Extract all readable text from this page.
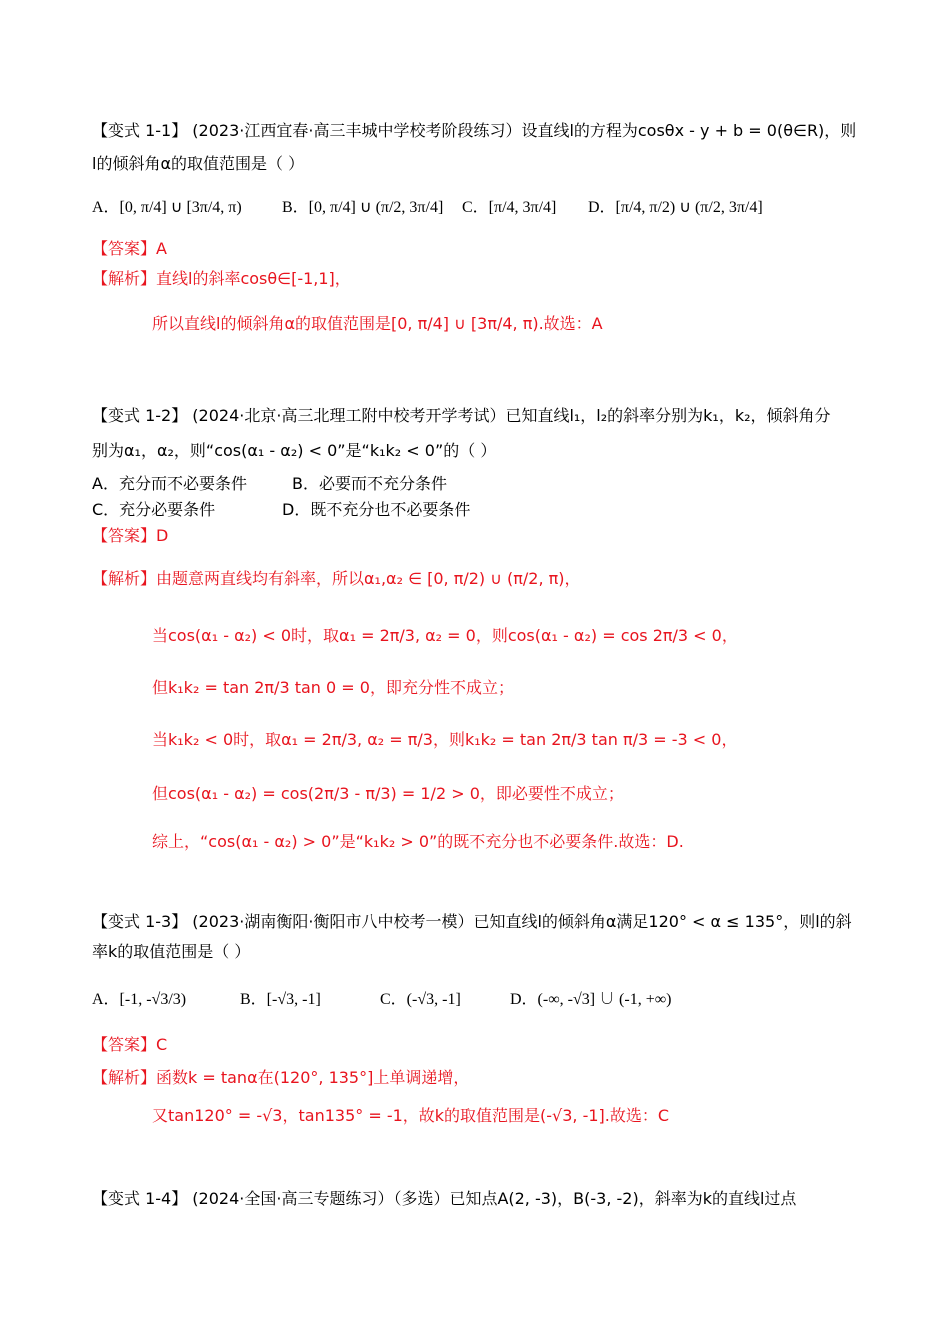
【变式 1-1】 (2023·江西宜春·高三丰城中学校考阶段练习）设直线l的方程为cosθx - y + b = 0(θ∈R)，则
l的倾斜角α的取值范围是（ ）
A．[0, π/4] ∪ [3π/4, π)	B．[0, π/4] ∪ (π/2, 3π/4] C．[π/4, 3π/4] D．[π/4, π/2) ∪ (π/2, 3π/4]
【答案】A
【解析】直线l的斜率cosθ∈[-1,1]，
所以直线l的倾斜角α的取值范围是[0, π/4] ∪ [3π/4, π).故选：A
【变式 1-2】 (2024·北京·高三北理工附中校考开学考试）已知直线l₁，l₂的斜率分别为k₁，k₂，倾斜角分
别为α₁，α₂，则“cos(α₁ - α₂) < 0”是“k₁k₂ < 0”的（ ）
A．充分而不必要条件	B．必要而不充分条件
C．充分必要条件	D．既不充分也不必要条件
【答案】D
【解析】由题意两直线均有斜率，所以α₁,α₂ ∈ [0, π/2) ∪ (π/2, π)，
当cos(α₁ - α₂) < 0时，取α₁ = 2π/3, α₂ = 0，则cos(α₁ - α₂) = cos 2π/3 < 0，
但k₁k₂ = tan 2π/3 tan 0 = 0，即充分性不成立；
当k₁k₂ < 0时，取α₁ = 2π/3, α₂ = π/3，则k₁k₂ = tan 2π/3 tan π/3 = -3 < 0，
但cos(α₁ - α₂) = cos(2π/3 - π/3) = 1/2 > 0，即必要性不成立；
综上，“cos(α₁ - α₂) > 0”是“k₁k₂ > 0”的既不充分也不必要条件.故选：D.
【变式 1-3】 (2023·湖南衡阳·衡阳市八中校考一模）已知直线l的倾斜角α满足120° < α ≤ 135°，则l的斜
率k的取值范围是（ ）
A．[-1, -√3/3)	B．[-√3, -1]	C．(-√3, -1]	D．(-∞, -√3] ∪ (-1, +∞)
【答案】C
【解析】函数k = tanα在(120°, 135°]上单调递增，
又tan120° = -√3，tan135° = -1，故k的取值范围是(-√3, -1].故选：C
【变式 1-4】 (2024·全国·高三专题练习）（多选）已知点A(2, -3)，B(-3, -2)，斜率为k的直线l过点
